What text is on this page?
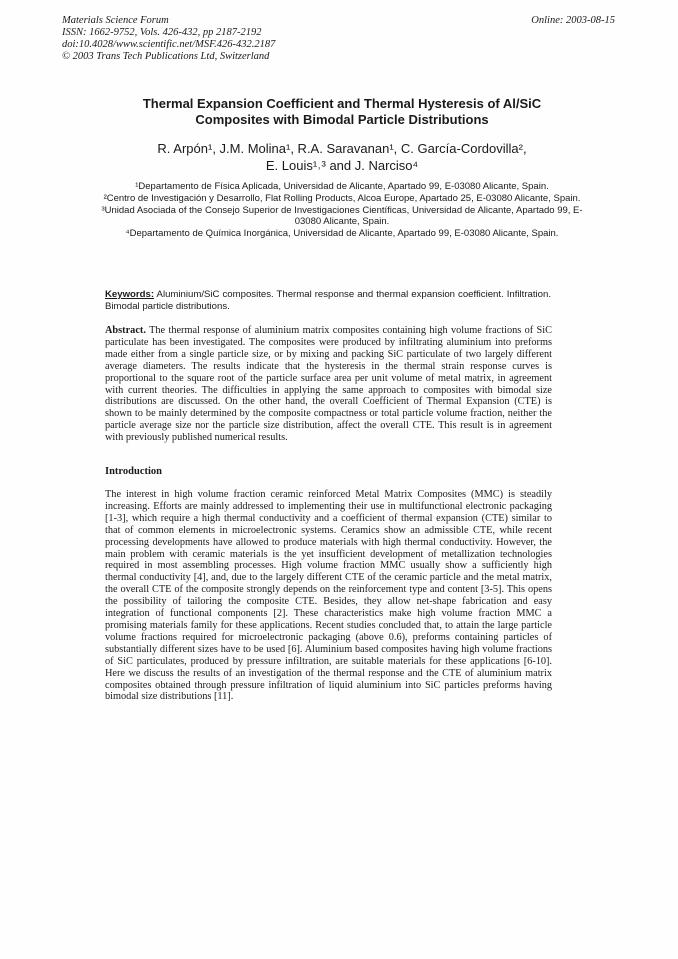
Materials Science Forum
ISSN: 1662-9752, Vols. 426-432, pp 2187-2192
doi:10.4028/www.scientific.net/MSF.426-432.2187
© 2003 Trans Tech Publications Ltd, Switzerland
Online: 2003-08-15
Thermal Expansion Coefficient and Thermal Hysteresis of Al/SiC
Composites with Bimodal Particle Distributions
R. Arpón¹, J.M. Molina¹, R.A. Saravanan¹, C. García-Cordovilla²,
E. Louis¹˒³ and J. Narciso⁴
¹Departamento de Física Aplicada, Universidad de Alicante, Apartado 99, E-03080 Alicante, Spain.
²Centro de Investigación y Desarrollo, Flat Rolling Products, Alcoa Europe, Apartado 25, E-03080 Alicante, Spain.
³Unidad Asociada of the Consejo Superior de Investigaciones Científicas, Universidad de Alicante, Apartado 99, E-03080 Alicante, Spain.
⁴Departamento de Química Inorgánica, Universidad de Alicante, Apartado 99, E-03080 Alicante, Spain.
Keywords: Aluminium/SiC composites. Thermal response and thermal expansion coefficient. Infiltration. Bimodal particle distributions.
Abstract. The thermal response of aluminium matrix composites containing high volume fractions of SiC particulate has been investigated. The composites were produced by infiltrating aluminium into preforms made either from a single particle size, or by mixing and packing SiC particulate of two largely different average diameters. The results indicate that the hysteresis in the thermal strain response curves is proportional to the square root of the particle surface area per unit volume of metal matrix, in agreement with current theories. The difficulties in applying the same approach to composites with bimodal size distributions are discussed. On the other hand, the overall Coefficient of Thermal Expansion (CTE) is shown to be mainly determined by the composite compactness or total particle volume fraction, neither the particle average size nor the particle size distribution, affect the overall CTE. This result is in agreement with previously published numerical results.
Introduction
The interest in high volume fraction ceramic reinforced Metal Matrix Composites (MMC) is steadily increasing. Efforts are mainly addressed to implementing their use in multifunctional electronic packaging [1-3], which require a high thermal conductivity and a coefficient of thermal expansion (CTE) similar to that of common elements in microelectronic systems. Ceramics show an admissible CTE, while recent processing developments have allowed to produce materials with high thermal conductivity. However, the main problem with ceramic materials is the yet insufficient development of metallization technologies required in most assembling processes. High volume fraction MMC usually show a sufficiently high thermal conductivity [4], and, due to the largely different CTE of the ceramic particle and the metal matrix, the overall CTE of the composite strongly depends on the reinforcement type and content [3-5]. This opens the possibility of tailoring the composite CTE. Besides, they allow net-shape fabrication and easy integration of functional components [2]. These characteristics make high volume fraction MMC a promising materials family for these applications. Recent studies concluded that, to attain the large particle volume fractions required for microelectronic packaging (above 0.6), preforms containing particles of substantially different sizes have to be used [6]. Aluminium based composites having high volume fractions of SiC particulates, produced by pressure infiltration, are suitable materials for these applications [6-10]. Here we discuss the results of an investigation of the thermal response and the CTE of aluminium matrix composites obtained through pressure infiltration of liquid aluminium into SiC particles preforms having bimodal size distributions [11].
